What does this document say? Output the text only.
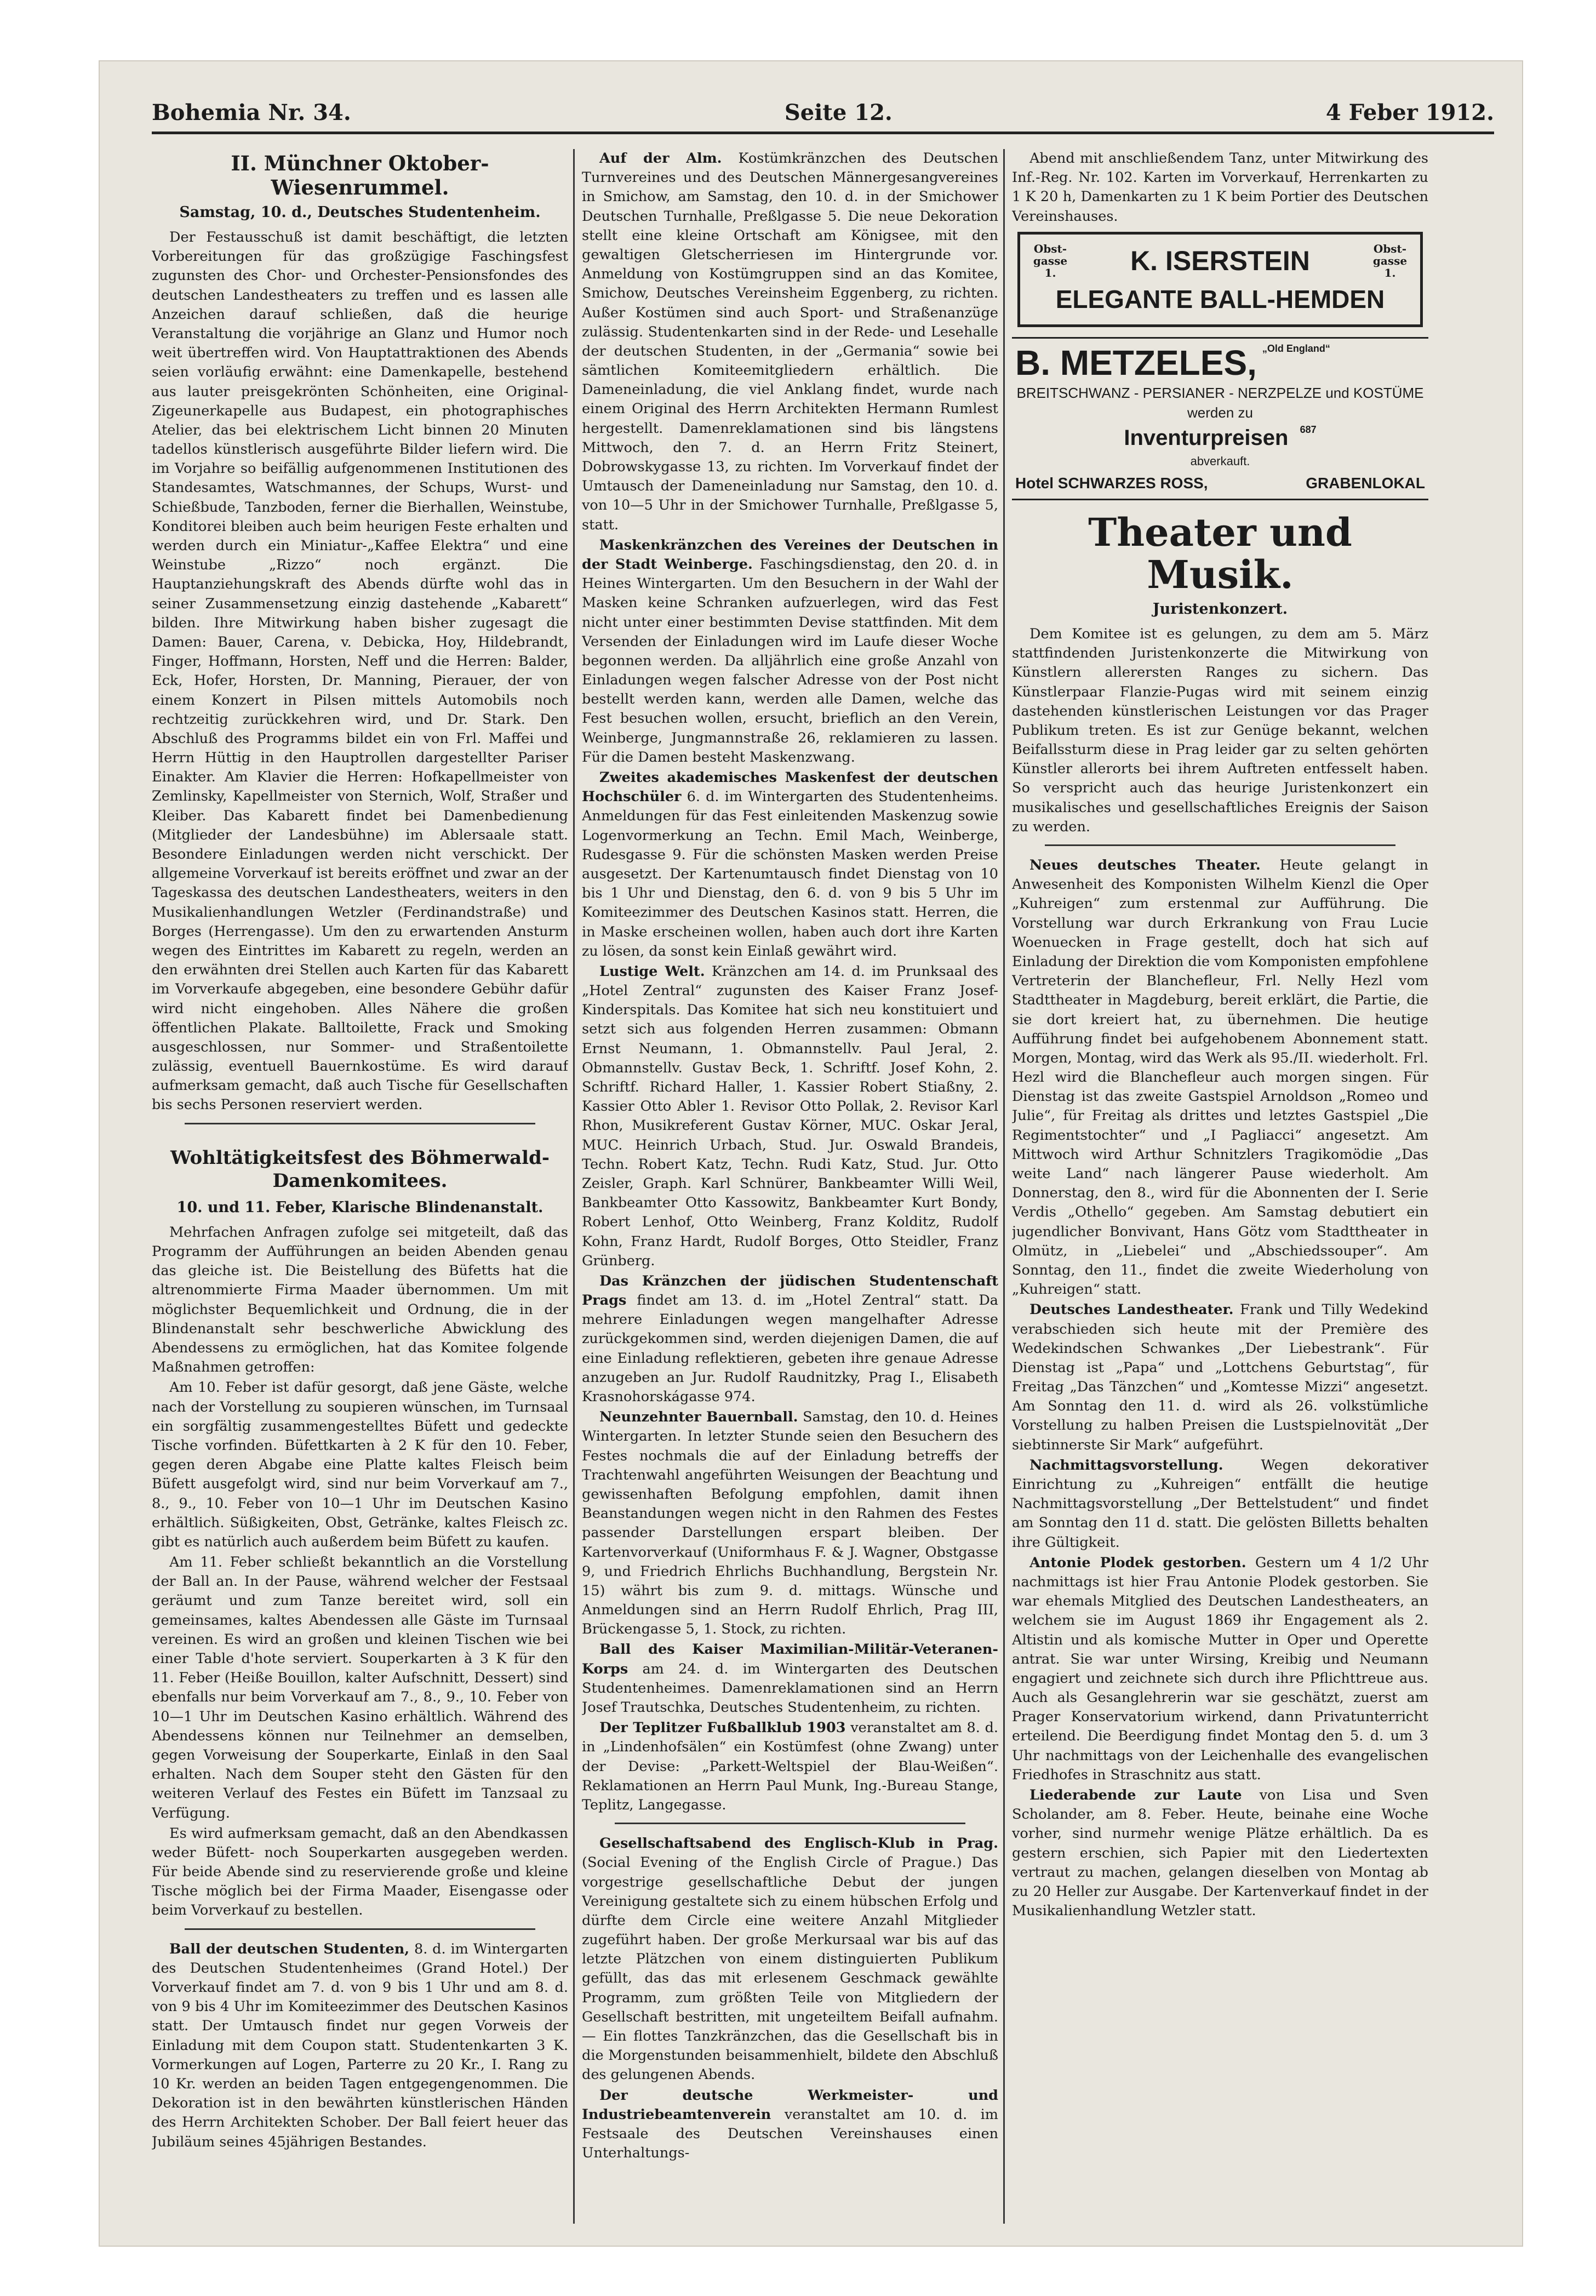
Bohemia Nr. 34.	Seite 12.	4 Feber 1912.
II. Münchner Oktober-Wiesenrummel.
Samstag, 10. d., Deutsches Studentenheim.

Der Festausschuß ist damit beschäftigt, die letzten Vorbereitungen für das großzügige Faschingsfest zugunsten des Chor- und Orchester-Pensionsfondes des deutschen Landestheaters zu treffen und es lassen alle Anzeichen darauf schließen, daß die heurige Veranstaltung die vorjährige an Glanz und Humor noch weit übertreffen wird. Von Hauptattraktionen des Abends seien vorläufig erwähnt: eine Damenkapelle, bestehend aus lauter preisgekrönten Schönheiten, eine Original-Zigeunerkapelle aus Budapest, ein photographisches Atelier, das bei elektrischem Licht binnen 20 Minuten tadellos künstlerisch ausgeführte Bilder liefern wird. Die im Vorjahre so beifällig aufgenommenen Institutionen des Standesamtes, Watschmannes, der Schups, Wurst- und Schießbude, Tanzboden, ferner die Bierhallen, Weinstube, Konditorei bleiben auch beim heurigen Feste erhalten und werden durch ein Miniatur-„Kaffee Elektra“ und eine Weinstube „Rizzo“ noch ergänzt. Die Hauptanziehungskraft des Abends dürfte wohl das in seiner Zusammensetzung einzig dastehende „Kabarett“ bilden. Ihre Mitwirkung haben bisher zugesagt die Damen: Bauer, Carena, v. Debicka, Hoy, Hildebrandt, Finger, Hoffmann, Horsten, Neff und die Herren: Balder, Eck, Hofer, Horsten, Dr. Manning, Pierauer, der von einem Konzert in Pilsen mittels Automobils noch rechtzeitig zurückkehren wird, und Dr. Stark. Den Abschluß des Programms bildet ein von Frl. Maffei und Herrn Hüttig in den Hauptrollen dargestellter Pariser Einakter. Am Klavier die Herren: Hofkapellmeister von Zemlinsky, Kapellmeister von Sternich, Wolf, Straßer und Kleiber. Das Kabarett findet bei Damenbedienung (Mitglieder der Landesbühne) im Ablersaale statt. Besondere Einladungen werden nicht verschickt. Der allgemeine Vorverkauf ist bereits eröffnet und zwar an der Tageskassa des deutschen Landestheaters, weiters in den Musikalienhandlungen Wetzler (Ferdinandstraße) und Borges (Herrengasse). Um den zu erwartenden Ansturm wegen des Eintrittes im Kabarett zu regeln, werden an den erwähnten drei Stellen auch Karten für das Kabarett im Vorverkaufe abgegeben, eine besondere Gebühr dafür wird nicht eingehoben. Alles Nähere die großen öffentlichen Plakate. Balltoilette, Frack und Smoking ausgeschlossen, nur Sommer- und Straßentoilette zulässig, eventuell Bauernkostüme. Es wird darauf aufmerksam gemacht, daß auch Tische für Gesellschaften bis sechs Personen reserviert werden.

Wohltätigkeitsfest des Böhmerwald-Damenkomitees.
10. und 11. Feber, Klarische Blindenanstalt.

Mehrfachen Anfragen zufolge sei mitgeteilt, daß das Programm der Aufführungen an beiden Abenden genau das gleiche ist. Die Beistellung des Büfetts hat die altrenommierte Firma Maader übernommen. Um mit möglichster Bequemlichkeit und Ordnung, die in der Blindenanstalt sehr beschwerliche Abwicklung des Abendessens zu ermöglichen, hat das Komitee folgende Maßnahmen getroffen:

Am 10. Feber ist dafür gesorgt, daß jene Gäste, welche nach der Vorstellung zu soupieren wünschen, im Turnsaal ein sorgfältig zusammengestelltes Büfett und gedeckte Tische vorfinden. Büfettkarten à 2 K für den 10. Feber, gegen deren Abgabe eine Platte kaltes Fleisch beim Büfett ausgefolgt wird, sind nur beim Vorverkauf am 7., 8., 9., 10. Feber von 10—1 Uhr im Deutschen Kasino erhältlich. Süßigkeiten, Obst, Getränke, kaltes Fleisch zc. gibt es natürlich auch außerdem beim Büfett zu kaufen.

Am 11. Feber schließt bekanntlich an die Vorstellung der Ball an. In der Pause, während welcher der Festsaal geräumt und zum Tanze bereitet wird, soll ein gemeinsames, kaltes Abendessen alle Gäste im Turnsaal vereinen. Es wird an großen und kleinen Tischen wie bei einer Table d'hote serviert. Souperkarten à 3 K für den 11. Feber (Heiße Bouillon, kalter Aufschnitt, Dessert) sind ebenfalls nur beim Vorverkauf am 7., 8., 9., 10. Feber von 10—1 Uhr im Deutschen Kasino erhältlich. Während des Abendessens können nur Teilnehmer an demselben, gegen Vorweisung der Souperkarte, Einlaß in den Saal erhalten. Nach dem Souper steht den Gästen für den weiteren Verlauf des Festes ein Büfett im Tanzsaal zu Verfügung.

Es wird aufmerksam gemacht, daß an den Abendkassen weder Büfett- noch Souperkarten ausgegeben werden. Für beide Abende sind zu reservierende große und kleine Tische möglich bei der Firma Maader, Eisengasse oder beim Vorverkauf zu bestellen.

Ball der deutschen Studenten, 8. d. im Wintergarten des Deutschen Studentenheimes (Grand Hotel.) Der Vorverkauf findet am 7. d. von 9 bis 1 Uhr und am 8. d. von 9 bis 4 Uhr im Komiteezimmer des Deutschen Kasinos statt. Der Umtausch findet nur gegen Vorweis der Einladung mit dem Coupon statt. Studentenkarten 3 K. Vormerkungen auf Logen, Parterre zu 20 Kr., I. Rang zu 10 Kr. werden an beiden Tagen entgegengenommen. Die Dekoration ist in den bewährten künstlerischen Händen des Herrn Architekten Schober. Der Ball feiert heuer das Jubiläum seines 45jährigen Bestandes.

Auf der Alm. Kostümkränzchen des Deutschen Turnvereines und des Deutschen Männergesangvereines in Smichow, am Samstag, den 10. d. in der Smichower Deutschen Turnhalle, Preßlgasse 5. Die neue Dekoration stellt eine kleine Ortschaft am Königsee, mit den gewaltigen Gletscherriesen im Hintergrunde vor. Anmeldung von Kostümgruppen sind an das Komitee, Smichow, Deutsches Vereinsheim Eggenberg, zu richten. Außer Kostümen sind auch Sport- und Straßenanzüge zulässig. Studentenkarten sind in der Rede- und Lesehalle der deutschen Studenten, in der „Germania“ sowie bei sämtlichen Komiteemitgliedern erhältlich. Die Dameneinladung, die viel Anklang findet, wurde nach einem Original des Herrn Architekten Hermann Rumlest hergestellt. Damenreklamationen sind bis längstens Mittwoch, den 7. d. an Herrn Fritz Steinert, Dobrowskygasse 13, zu richten. Im Vorverkauf findet der Umtausch der Dameneinladung nur Samstag, den 10. d. von 10—5 Uhr in der Smichower Turnhalle, Preßlgasse 5, statt.

Maskenkränzchen des Vereines der Deutschen in der Stadt Weinberge. Faschingsdienstag, den 20. d. in Heines Wintergarten. Um den Besuchern in der Wahl der Masken keine Schranken aufzuerlegen, wird das Fest nicht unter einer bestimmten Devise stattfinden. Mit dem Versenden der Einladungen wird im Laufe dieser Woche begonnen werden. Da alljährlich eine große Anzahl von Einladungen wegen falscher Adresse von der Post nicht bestellt werden kann, werden alle Damen, welche das Fest besuchen wollen, ersucht, brieflich an den Verein, Weinberge, Jungmannstraße 26, reklamieren zu lassen. Für die Damen besteht Maskenzwang.

Zweites akademisches Maskenfest der deutschen Hochschüler 6. d. im Wintergarten des Studentenheims. Anmeldungen für das Fest einleitenden Maskenzug sowie Logenvormerkung an Techn. Emil Mach, Weinberge, Rudesgasse 9. Für die schönsten Masken werden Preise ausgesetzt. Der Kartenumtausch findet Dienstag von 10 bis 1 Uhr und Dienstag, den 6. d. von 9 bis 5 Uhr im Komiteezimmer des Deutschen Kasinos statt. Herren, die in Maske erscheinen wollen, haben auch dort ihre Karten zu lösen, da sonst kein Einlaß gewährt wird.

Lustige Welt. Kränzchen am 14. d. im Prunksaal des „Hotel Zentral“ zugunsten des Kaiser Franz Josef-Kinderspitals. Das Komitee hat sich neu konstituiert und setzt sich aus folgenden Herren zusammen: Obmann Ernst Neumann, 1. Obmannstellv. Paul Jeral, 2. Obmannstellv. Gustav Beck, 1. Schriftf. Josef Kohn, 2. Schriftf. Richard Haller, 1. Kassier Robert Stiaßny, 2. Kassier Otto Abler 1. Revisor Otto Pollak, 2. Revisor Karl Rhon, Musikreferent Gustav Körner, MUC. Oskar Jeral, MUC. Heinrich Urbach, Stud. Jur. Oswald Brandeis, Techn. Robert Katz, Techn. Rudi Katz, Stud. Jur. Otto Zeisler, Graph. Karl Schnürer, Bankbeamter Willi Weil, Bankbeamter Otto Kassowitz, Bankbeamter Kurt Bondy, Robert Lenhof, Otto Weinberg, Franz Kolditz, Rudolf Kohn, Franz Hardt, Rudolf Borges, Otto Steidler, Franz Grünberg.

Das Kränzchen der jüdischen Studentenschaft Prags findet am 13. d. im „Hotel Zentral“ statt. Da mehrere Einladungen wegen mangelhafter Adresse zurückgekommen sind, werden diejenigen Damen, die auf eine Einladung reflektieren, gebeten ihre genaue Adresse anzugeben an Jur. Rudolf Raudnitzky, Prag I., Elisabeth Krasnohorskágasse 974.

Neunzehnter Bauernball. Samstag, den 10. d. Heines Wintergarten. In letzter Stunde seien den Besuchern des Festes nochmals die auf der Einladung betreffs der Trachtenwahl angeführten Weisungen der Beachtung und gewissenhaften Befolgung empfohlen, damit ihnen Beanstandungen wegen nicht in den Rahmen des Festes passender Darstellungen erspart bleiben. Der Kartenvorverkauf (Uniformhaus F. & J. Wagner, Obstgasse 9, und Friedrich Ehrlichs Buchhandlung, Bergstein Nr. 15) währt bis zum 9. d. mittags. Wünsche und Anmeldungen sind an Herrn Rudolf Ehrlich, Prag III, Brückengasse 5, 1. Stock, zu richten.

Ball des Kaiser Maximilian-Militär-Veteranen-Korps am 24. d. im Wintergarten des Deutschen Studentenheimes. Damenreklamationen sind an Herrn Josef Trautschka, Deutsches Studentenheim, zu richten.

Der Teplitzer Fußballklub 1903 veranstaltet am 8. d. in „Lindenhofsälen“ ein Kostümfest (ohne Zwang) unter der Devise: „Parkett-Weltspiel der Blau-Weißen“. Reklamationen an Herrn Paul Munk, Ing.-Bureau Stange, Teplitz, Langegasse.

Gesellschaftsabend des Englisch-Klub in Prag. (Social Evening of the English Circle of Prague.) Das vorgestrige gesellschaftliche Debut der jungen Vereinigung gestaltete sich zu einem hübschen Erfolg und dürfte dem Circle eine weitere Anzahl Mitglieder zugeführt haben. Der große Merkursaal war bis auf das letzte Plätzchen von einem distinguierten Publikum gefüllt, das das mit erlesenem Geschmack gewählte Programm, zum größten Teile von Mitgliedern der Gesellschaft bestritten, mit ungeteiltem Beifall aufnahm. — Ein flottes Tanzkränzchen, das die Gesellschaft bis in die Morgenstunden beisammenhielt, bildete den Abschluß des gelungenen Abends.

Der deutsche Werkmeister- und Industriebeamtenverein veranstaltet am 10. d. im Festsaale des Deutschen Vereinshauses einen Unterhaltungs-

Abend mit anschließendem Tanz, unter Mitwirkung des Inf.-Reg. Nr. 102. Karten im Vorverkauf, Herrenkarten zu 1 K 20 h, Damenkarten zu 1 K beim Portier des Deutschen Vereinshauses.

Obst-gasse 1.	K. ISERSTEIN	Obst-gasse 1.
ELEGANTE BALL-HEMDEN
B. METZELES, $^{„Old England“}$
BREITSCHWANZ - PERSIANER - NERZPELZE und KOSTÜME werden zu
Inventurpreisen $^{687}$
abverkauft.
Hotel SCHWARZES ROSS,	GRABENLOKAL
Theater und Musik.
Juristenkonzert.

Dem Komitee ist es gelungen, zu dem am 5. März stattfindenden Juristenkonzerte die Mitwirkung von Künstlern allerersten Ranges zu sichern. Das Künstlerpaar Flanzie-Pugas wird mit seinem einzig dastehenden künstlerischen Leistungen vor das Prager Publikum treten. Es ist zur Genüge bekannt, welchen Beifallssturm diese in Prag leider gar zu selten gehörten Künstler allerorts bei ihrem Auftreten entfesselt haben. So verspricht auch das heurige Juristenkonzert ein musikalisches und gesellschaftliches Ereignis der Saison zu werden.

Neues deutsches Theater. Heute gelangt in Anwesenheit des Komponisten Wilhelm Kienzl die Oper „Kuhreigen“ zum erstenmal zur Aufführung. Die Vorstellung war durch Erkrankung von Frau Lucie Woenuecken in Frage gestellt, doch hat sich auf Einladung der Direktion die vom Komponisten empfohlene Vertreterin der Blanchefleur, Frl. Nelly Hezl vom Stadttheater in Magdeburg, bereit erklärt, die Partie, die sie dort kreiert hat, zu übernehmen. Die heutige Aufführung findet bei aufgehobenem Abonnement statt. Morgen, Montag, wird das Werk als 95./II. wiederholt. Frl. Hezl wird die Blanchefleur auch morgen singen. Für Dienstag ist das zweite Gastspiel Arnoldson „Romeo und Julie“, für Freitag als drittes und letztes Gastspiel „Die Regimentstochter“ und „I Pagliacci“ angesetzt. Am Mittwoch wird Arthur Schnitzlers Tragikomödie „Das weite Land“ nach längerer Pause wiederholt. Am Donnerstag, den 8., wird für die Abonnenten der I. Serie Verdis „Othello“ gegeben. Am Samstag debutiert ein jugendlicher Bonvivant, Hans Götz vom Stadttheater in Olmütz, in „Liebelei“ und „Abschiedssouper“. Am Sonntag, den 11., findet die zweite Wiederholung von „Kuhreigen“ statt.

Deutsches Landestheater. Frank und Tilly Wedekind verabschieden sich heute mit der Première des Wedekindschen Schwankes „Der Liebestrank“. Für Dienstag ist „Papa“ und „Lottchens Geburtstag“, für Freitag „Das Tänzchen“ und „Komtesse Mizzi“ angesetzt. Am Sonntag den 11. d. wird als 26. volkstümliche Vorstellung zu halben Preisen die Lustspielnovität „Der siebtinnerste Sir Mark“ aufgeführt.

Nachmittagsvorstellung.	Wegen dekorativer Einrichtung zu „Kuhreigen“ entfällt die heutige Nachmittagsvorstellung „Der Bettelstudent“ und findet am Sonntag den 11 d. statt. Die gelösten Billetts behalten ihre Gültigkeit.

Antonie Plodek gestorben. Gestern um 4 1/2 Uhr nachmittags ist hier Frau Antonie Plodek gestorben. Sie war ehemals Mitglied des Deutschen Landestheaters, an welchem sie im August 1869 ihr Engagement als 2. Altistin und als komische Mutter in Oper und Operette antrat. Sie war unter Wirsing, Kreibig und Neumann engagiert und zeichnete sich durch ihre Pflichttreue aus. Auch als Gesanglehrerin war sie geschätzt, zuerst am Prager Konservatorium wirkend, dann Privatunterricht erteilend. Die Beerdigung findet Montag den 5. d. um 3 Uhr nachmittags von der Leichenhalle des evangelischen Friedhofes in Straschnitz aus statt.

Liederabende zur Laute von Lisa und Sven Scholander, am 8. Feber. Heute, beinahe eine Woche vorher, sind nurmehr wenige Plätze erhältlich. Da es gestern erschien, sich Papier mit den Liedertexten vertraut zu machen, gelangen dieselben von Montag ab zu 20 Heller zur Ausgabe. Der Kartenverkauf findet in der Musikalienhandlung Wetzler statt.
